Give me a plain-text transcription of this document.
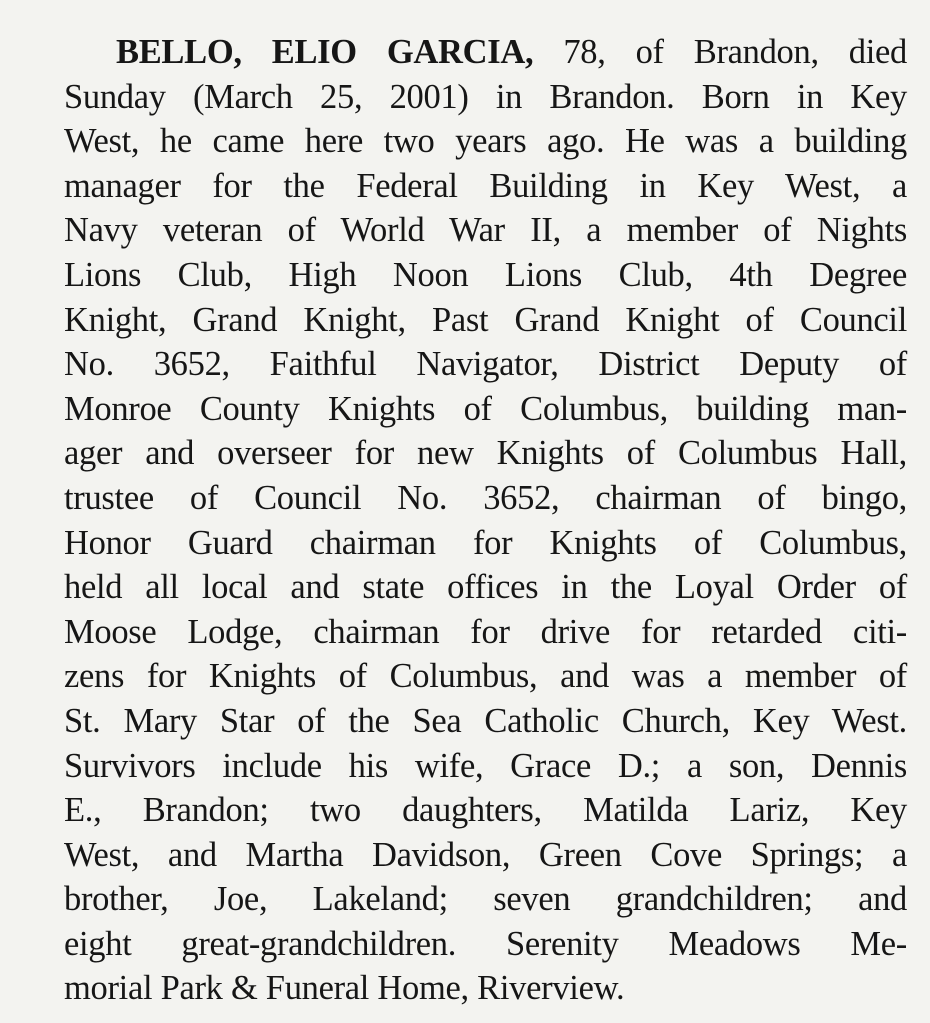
BELLO, ELIO GARCIA, 78, of Brandon, died
Sunday (March 25, 2001) in Brandon. Born in Key
West, he came here two years ago. He was a building
manager for the Federal Building in Key West, a
Navy veteran of World War II, a member of Nights
Lions Club, High Noon Lions Club, 4th Degree
Knight, Grand Knight, Past Grand Knight of Council
No. 3652, Faithful Navigator, District Deputy of
Monroe County Knights of Columbus, building man-
ager and overseer for new Knights of Columbus Hall,
trustee of Council No. 3652, chairman of bingo,
Honor Guard chairman for Knights of Columbus,
held all local and state offices in the Loyal Order of
Moose Lodge, chairman for drive for retarded citi-
zens for Knights of Columbus, and was a member of
St. Mary Star of the Sea Catholic Church, Key West.
Survivors include his wife, Grace D.; a son, Dennis
E., Brandon; two daughters, Matilda Lariz, Key
West, and Martha Davidson, Green Cove Springs; a
brother, Joe, Lakeland; seven grandchildren; and
eight great-grandchildren. Serenity Meadows Me-
morial Park & Funeral Home, Riverview.
